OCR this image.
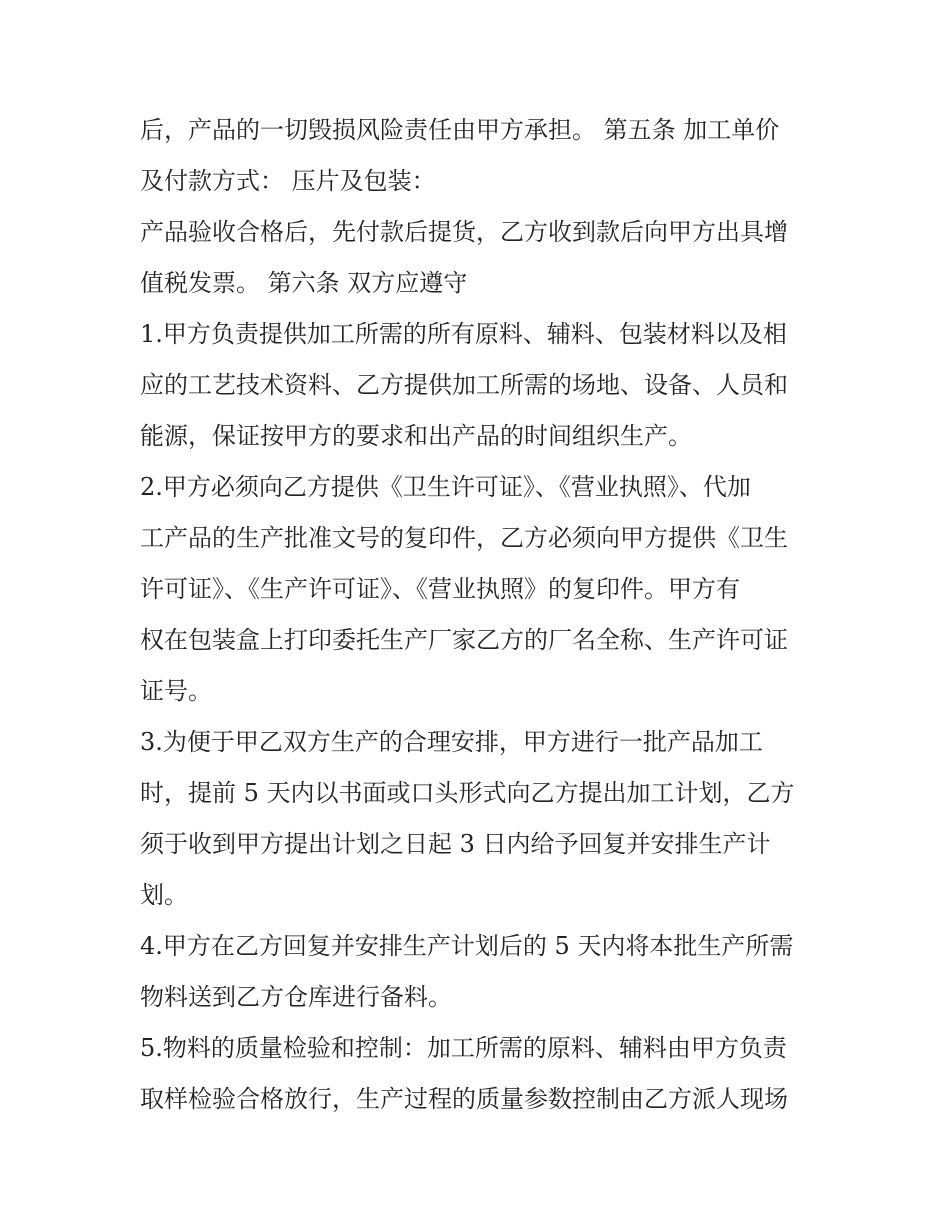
后，产品的一切毁损风险责任由甲方承担。 第五条 加工单价
及付款方式： 压片及包装：
产品验收合格后，先付款后提货，乙方收到款后向甲方出具增
值税发票。 第六条 双方应遵守
1.甲方负责提供加工所需的所有原料、辅料、包装材料以及相
应的工艺技术资料、乙方提供加工所需的场地、设备、人员和
能源，保证按甲方的要求和出产品的时间组织生产。
2.甲方必须向乙方提供《卫生许可证》、《营业执照》、代加
工产品的生产批准文号的复印件，乙方必须向甲方提供《卫生
许可证》、《生产许可证》、《营业执照》的复印件。甲方有
权在包装盒上打印委托生产厂家乙方的厂名全称、生产许可证
证号。
3.为便于甲乙双方生产的合理安排，甲方进行一批产品加工
时，提前 5 天内以书面或口头形式向乙方提出加工计划，乙方
须于收到甲方提出计划之日起 3 日内给予回复并安排生产计
划。
4.甲方在乙方回复并安排生产计划后的 5 天内将本批生产所需
物料送到乙方仓库进行备料。
5.物料的质量检验和控制：加工所需的原料、辅料由甲方负责
取样检验合格放行，生产过程的质量参数控制由乙方派人现场
